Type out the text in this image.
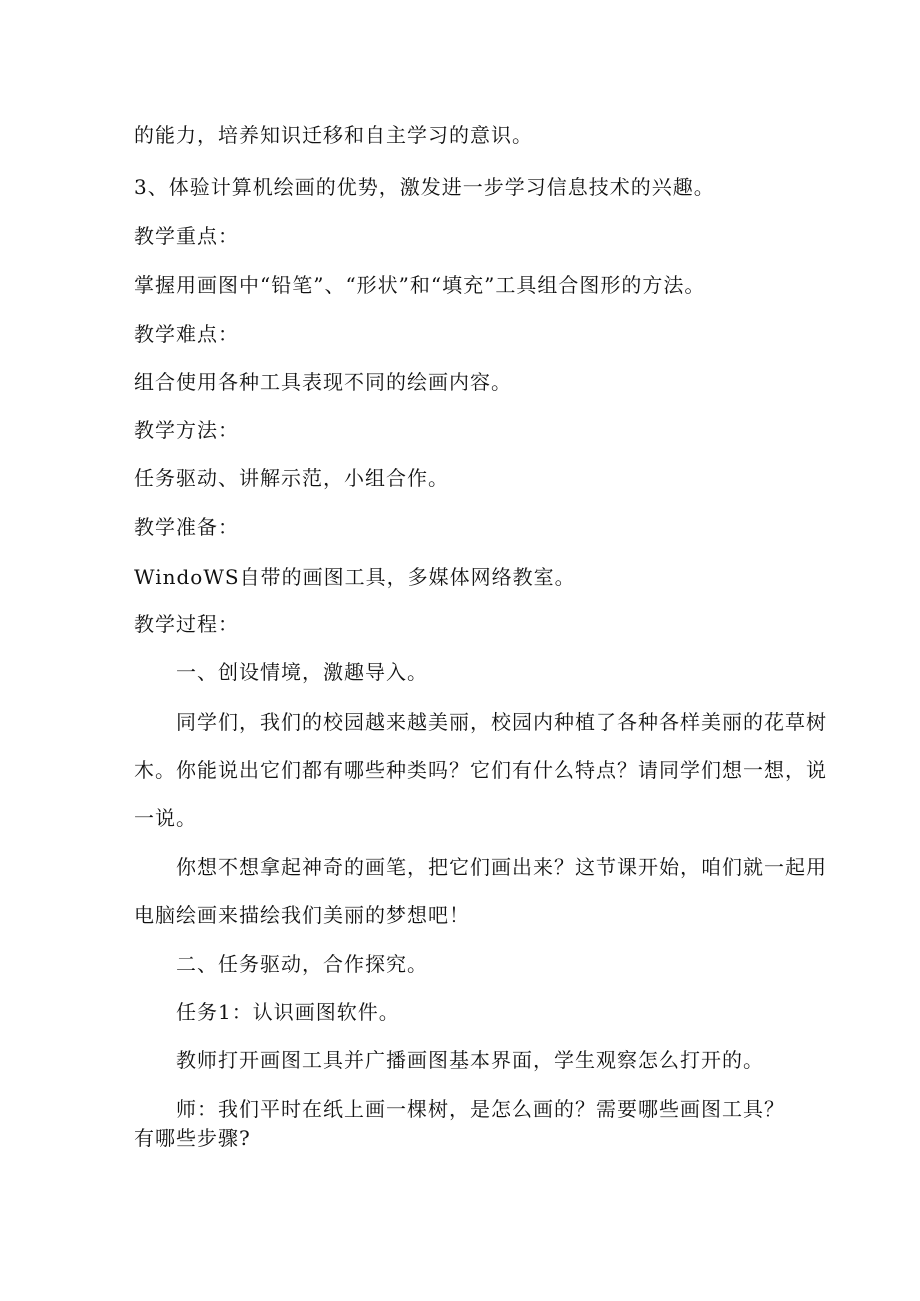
的能力，培养知识迁移和自主学习的意识。
3、体验计算机绘画的优势，激发进一步学习信息技术的兴趣。
教学重点：
掌握用画图中“铅笔”、“形状”和“填充”工具组合图形的方法。
教学难点：
组合使用各种工具表现不同的绘画内容。
教学方法：
任务驱动、讲解示范，小组合作。
教学准备：
WindoWS自带的画图工具，多媒体网络教室。
教学过程：
一、创设情境，激趣导入。
同学们，我们的校园越来越美丽，校园内种植了各种各样美丽的花草树
木。你能说出它们都有哪些种类吗？它们有什么特点？请同学们想一想，说
一说。
你想不想拿起神奇的画笔，把它们画出来？这节课开始，咱们就一起用
电脑绘画来描绘我们美丽的梦想吧！
二、任务驱动，合作探究。
任务1：认识画图软件。
教师打开画图工具并广播画图基本界面，学生观察怎么打开的。
师：我们平时在纸上画一棵树，是怎么画的？需要哪些画图工具？
有哪些步骤?
